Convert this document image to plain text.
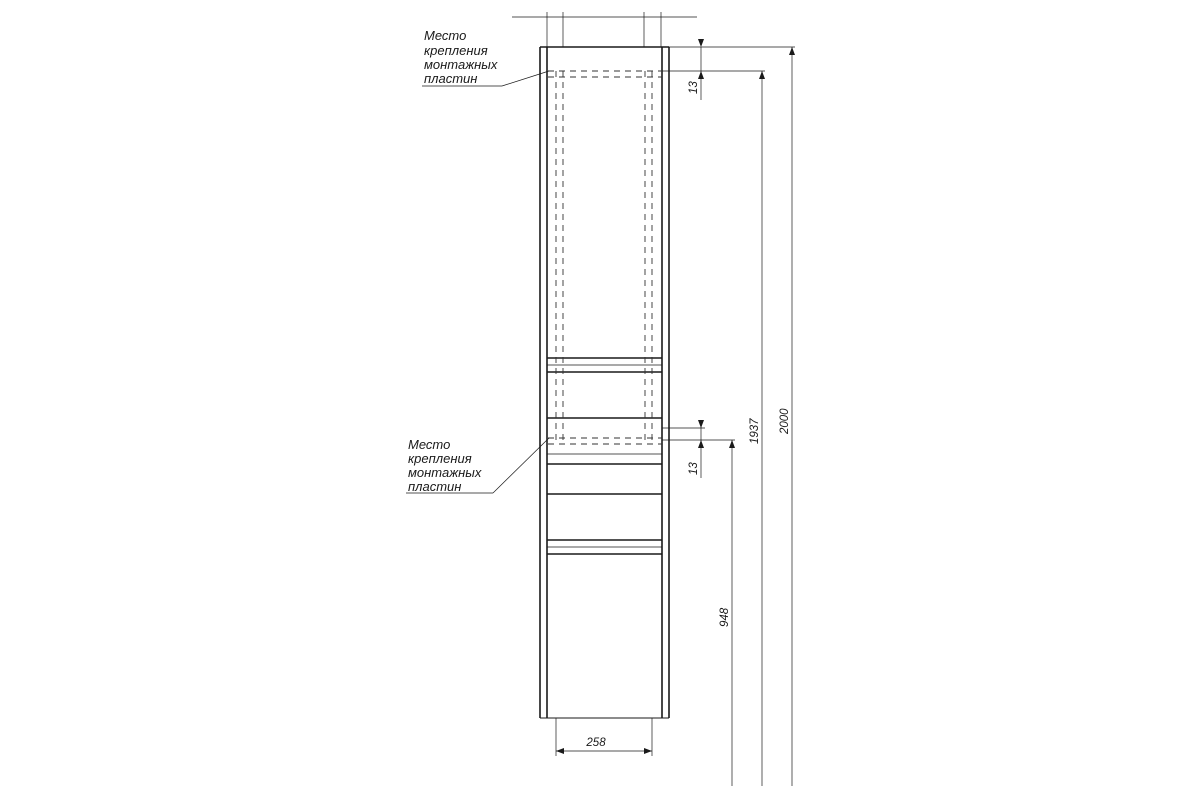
13
13
948
1937 2000
258
Место
крепления
монтажных
пластин
Место
крепления
монтажных
пластин
